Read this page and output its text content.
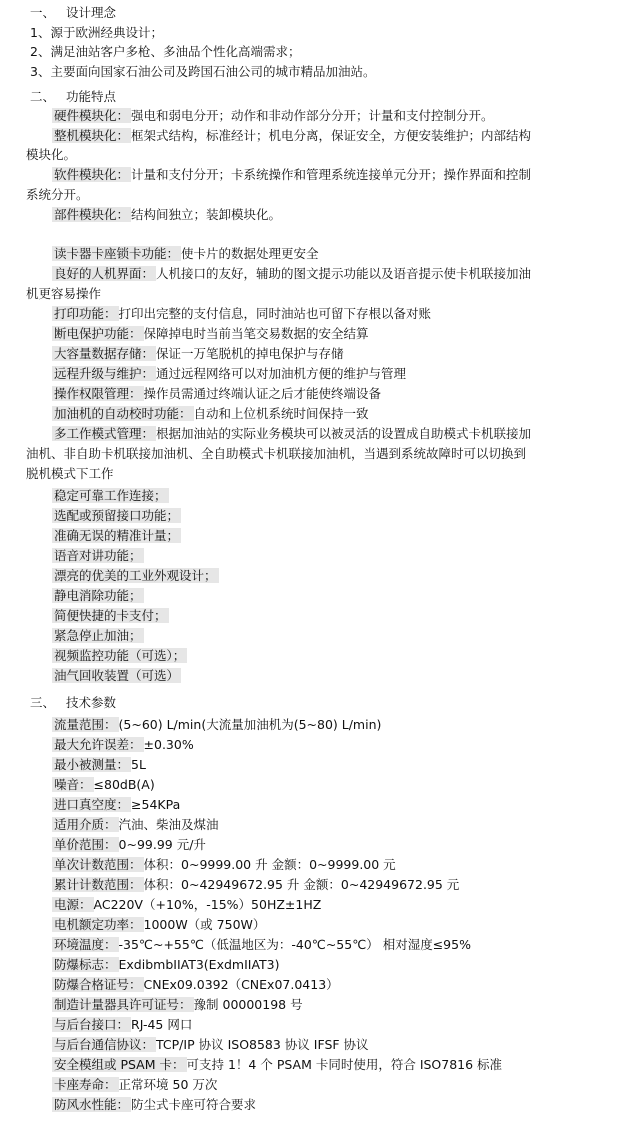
一、 设计理念
1、源于欧洲经典设计；
2、满足油站客户多枪、多油品个性化高端需求；
3、主要面向国家石油公司及跨国石油公司的城市精品加油站。
二、 功能特点
硬件模块化： 强电和弱电分开；动作和非动作部分分开；计量和支付控制分开。
整机模块化： 框架式结构，标准经计；机电分离，保证安全，方便安装维护；内部结构
模块化。
软件模块化： 计量和支付分开；卡系统操作和管理系统连接单元分开；操作界面和控制
系统分开。
部件模块化： 结构间独立；装卸模块化。
读卡器卡座锁卡功能： 使卡片的数据处理更安全
良好的人机界面： 人机接口的友好，辅助的图文提示功能以及语音提示使卡机联接加油
机更容易操作
打印功能： 打印出完整的支付信息，同时油站也可留下存根以备对账
断电保护功能： 保障掉电时当前当笔交易数据的安全结算
大容量数据存储： 保证一万笔脱机的掉电保护与存储
远程升级与维护： 通过远程网络可以对加油机方便的维护与管理
操作权限管理： 操作员需通过终端认证之后才能使终端设备
加油机的自动校时功能： 自动和上位机系统时间保持一致
多工作模式管理： 根据加油站的实际业务模块可以被灵活的设置成自助模式卡机联接加
油机、非自助卡机联接加油机、全自助模式卡机联接加油机，当遇到系统故障时可以切换到
脱机模式下工作
稳定可靠工作连接；
选配或预留接口功能；
准确无误的精准计量；
语音对讲功能；
漂亮的优美的工业外观设计；
静电消除功能；
简便快捷的卡支付；
紧急停止加油；
视频监控功能（可选）；
油气回收装置（可选）
三、 技术参数
流量范围： (5~60) L/min(大流量加油机为(5~80) L/min)
最大允许误差： ±0.30%
最小被测量： 5L
噪音： ≤80dB(A)
进口真空度： ≥54KPa
适用介质： 汽油、柴油及煤油
单价范围： 0~99.99 元/升
单次计数范围： 体积：0~9999.00 升 金额：0~9999.00 元
累计计数范围： 体积：0~42949672.95 升 金额：0~42949672.95 元
电源： AC220V（+10%，-15%）50HZ±1HZ
电机额定功率： 1000W（或 750W）
环境温度： -35℃~+55℃（低温地区为：-40℃~55℃） 相对湿度≤95%
防爆标志： ExdibmbIIAT3(ExdmIIAT3)
防爆合格证号： CNEx09.0392（CNEx07.0413）
制造计量器具许可证号： 豫制 00000198 号
与后台接口： RJ-45 网口
与后台通信协议： TCP/IP 协议 ISO8583 协议 IFSF 协议
安全模组或 PSAM 卡： 可支持 1！4 个 PSAM 卡同时使用，符合 ISO7816 标准
卡座寿命： 正常环境 50 万次
防风水性能： 防尘式卡座可符合要求
